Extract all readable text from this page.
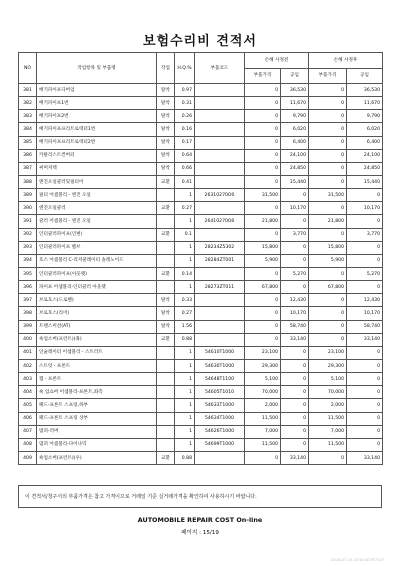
보험수리비 견적서
NO	작업항목 및 부품명	작업	H.Q.%	부품코드	손해 사정전		손해 사정후	
					부품가격	공임	부품가격	공임
381	배기파이프디버업	탈착	0.97		0	36,530	0	36,530
382	배기파이프1번	탈착	0.31		0	11,670	0	11,670
383	배기파이프2번	탈착	0.26		0	9,790	0	9,790
384	배기파이프프리트로텍터1번	탈착	0.16		0	6,020	0	6,020
385	배기파이프프리트로텍터2번	탈착	0.17		0	6,400	0	6,400
386	카탈리스트컨버터	탈착	0.64		0	24,100	0	24,100
387	써머저렉	탈착	0.66		0	24,850	0	24,850
388	엔진오일쿨러및필터어	교환	0.41		0	15,440	0	15,440
389	필터 어셈블리 - 엔진 오일		1	26310270O0	31,500	0	31,500	0
390	엔진오일쿨러	교환	0.27		0	10,170	0	10,170
391	쿨러 어셈블리 - 엔진 오일		1	26410270O0	21,800	0	21,800	0
392	인터쿨러파이프(인변)	교환	0.1		0	3,770	0	3,770
393	인터쿨러파이프 밸브		1	28234Z5302	15,800	0	15,800	0
394	호스 어셈블리 C-리저쿨레이터 솔레노이드		1	28284ZT001	5,900	0	5,900	0
395	인터쿨러파이프(아웃렛)	교환	0.14		0	5,270	0	5,270
396	파이프 어셈블리-인터쿨러 아웃렛		1	28273ZT011	67,800	0	67,800	0
397	브로호스(드로헨)	탈착	0.33		0	12,430	0	12,430
398	브로호스(리어)	탈착	0.27		0	10,170	0	10,170
399	트랜스미션(AT)	탈착	1.56		0	58,740	0	58,740
400	쇽업소버(프런트)(좌)	교환	0.88		0	33,140	0	33,140
401	인슐레이터 어셈블리 - 스트러트		1	54610T1000	23,100	0	23,100	0
402	스트럿 - 프론트		1	54630T1000	29,300	0	29,300	0
403	캡 - 프론트		1	54648T1100	5,100	0	5,100	0
404	쇽 업쇼버 어셈블리-프론트,좌측		1	54605T1010	70,000	0	70,000	0
405	패드-프론트 스프링,하부		1	54633T1000	2,000	0	2,000	0
406	패드-프론트 스프링 상부		1	54634T1000	11,500	0	11,500	0
407	범퍼-러버		1	54626T1000	7,000	0	7,000	0
408	댐퍼 어셈블리-다이나믹		1	54699T1000	11,500	0	11,500	0
409	쇽업소버(프런트)(우)	교환	0.88		0	33,140	0	33,140
이 견적서/청구서의 부품가격은 참고 가격이므로 거래일 기준 실거래가격을 확인하여 사용하시기 바랍니다.
AUTOMOBILE REPAIR COST On-line
페이지 : 15/19
2024-07-14 13:30:40 RT7107
